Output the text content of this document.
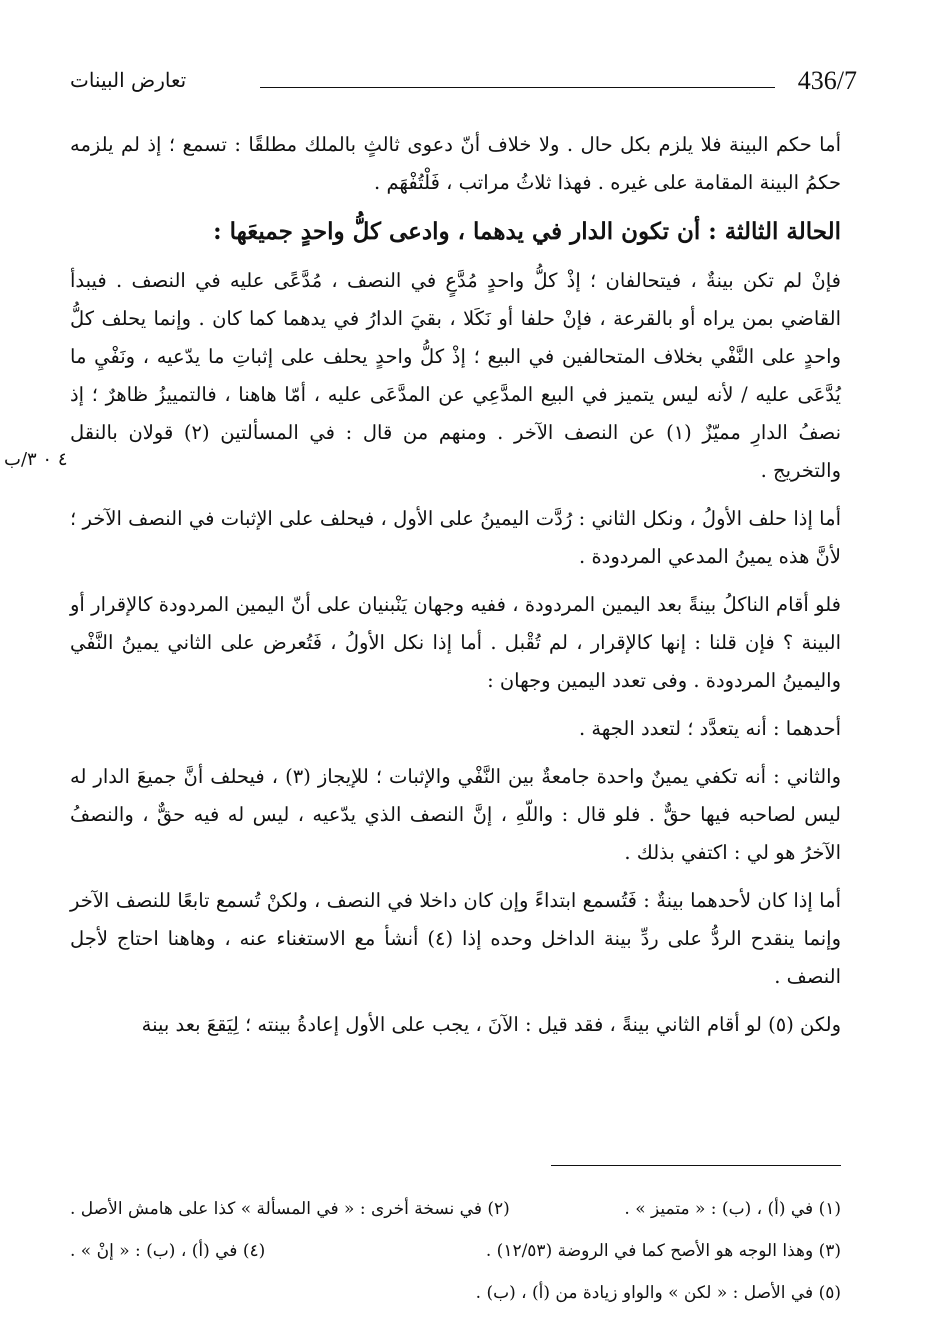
436/7
تعارض البينات
٤ ٠ ٣/ب

أما حكم البينة فلا يلزم بكل حال . ولا خلاف أنّ دعوى ثالثٍ بالملك مطلقًا : تسمع ؛ إذ لم يلزمه حكمُ البينة المقامة على غيره . فهذا ثلاثُ مراتب ، فَلْتُفْهَم .

الحالة الثالثة : أن تكون الدار في يدهما ، وادعى كلُّ واحدٍ جميعَها :

فإنْ لم تكن بينةٌ ، فيتحالفان ؛ إذْ كلُّ واحدٍ مُدَّعٍ في النصف ، مُدَّعًى عليه في النصف . فيبدأ القاضي بمن يراه أو بالقرعة ، فإنْ حلفا أو نَكَلا ، بقيَ الدارُ في يدهما كما كان . وإنما يحلف كلُّ واحدٍ على النَّفْي بخلاف المتحالفين في البيع ؛ إذْ كلُّ واحدٍ يحلف على إثباتِ ما يدّعيه ، ونَفْيِ ما يُدَّعَى عليه / لأنه ليس يتميز في البيع المدَّعِي عن المدَّعَى عليه ، أمّا هاهنا ، فالتمييزُ ظاهرٌ ؛ إذ نصفُ الدارِ مميّزٌ (١) عن النصف الآخر . ومنهم من قال : في المسألتين (٢) قولان بالنقل والتخريج .

أما إذا حلف الأولُ ، ونكل الثاني : رُدَّت اليمينُ على الأول ، فيحلف على الإثبات في النصف الآخر ؛ لأنَّ هذه يمينُ المدعي المردودة .

فلو أقام الناكلُ بينةً بعد اليمين المردودة ، ففيه وجهان يَنْبنيان على أنّ اليمين المردودة كالإقرار أو البينة ؟ فإن قلنا : إنها كالإقرار ، لم تُقْبل . أما إذا نكل الأولُ ، فَتُعرض على الثاني يمينُ النَّفْي واليمينُ المردودة . وفى تعدد اليمين وجهان :

أحدهما : أنه يتعدَّد ؛ لتعدد الجهة .

والثاني : أنه تكفي يمينٌ واحدة جامعةٌ بين النَّفْي والإثبات ؛ للإيجاز (٣) ، فيحلف أنَّ جميعَ الدار له ليس لصاحبه فيها حقٌّ . فلو قال : واللّهِ ، إنَّ النصف الذي يدّعيه ، ليس له فيه حقٌّ ، والنصفُ الآخرُ هو لي : اكتفي بذلك .

أما إذا كان لأحدهما بينةٌ : فَتُسمع ابتداءً وإن كان داخلا في النصف ، ولكنْ تُسمع تابعًا للنصف الآخر وإنما ينقدح الردُّ على ردِّ بينة الداخل وحده إذا (٤) أنشأ مع الاستغناء عنه ، وهاهنا احتاج لأجل النصف .

ولكن (٥) لو أقام الثاني بينةً ، فقد قيل : الآنَ ، يجب على الأول إعادةُ بينته ؛ لِيَقعَ بعد بينة

(١) في (أ) ، (ب) : « متميز » .
(٢) في نسخة أخرى : « في المسألة » كذا على هامش الأصل .
(٣) وهذا الوجه هو الأصح كما في الروضة (١٢/٥٣) .
(٤) في (أ) ، (ب) : « إنْ » .
(٥) في الأصل : « لكن » والواو زيادة من (أ) ، (ب) .
